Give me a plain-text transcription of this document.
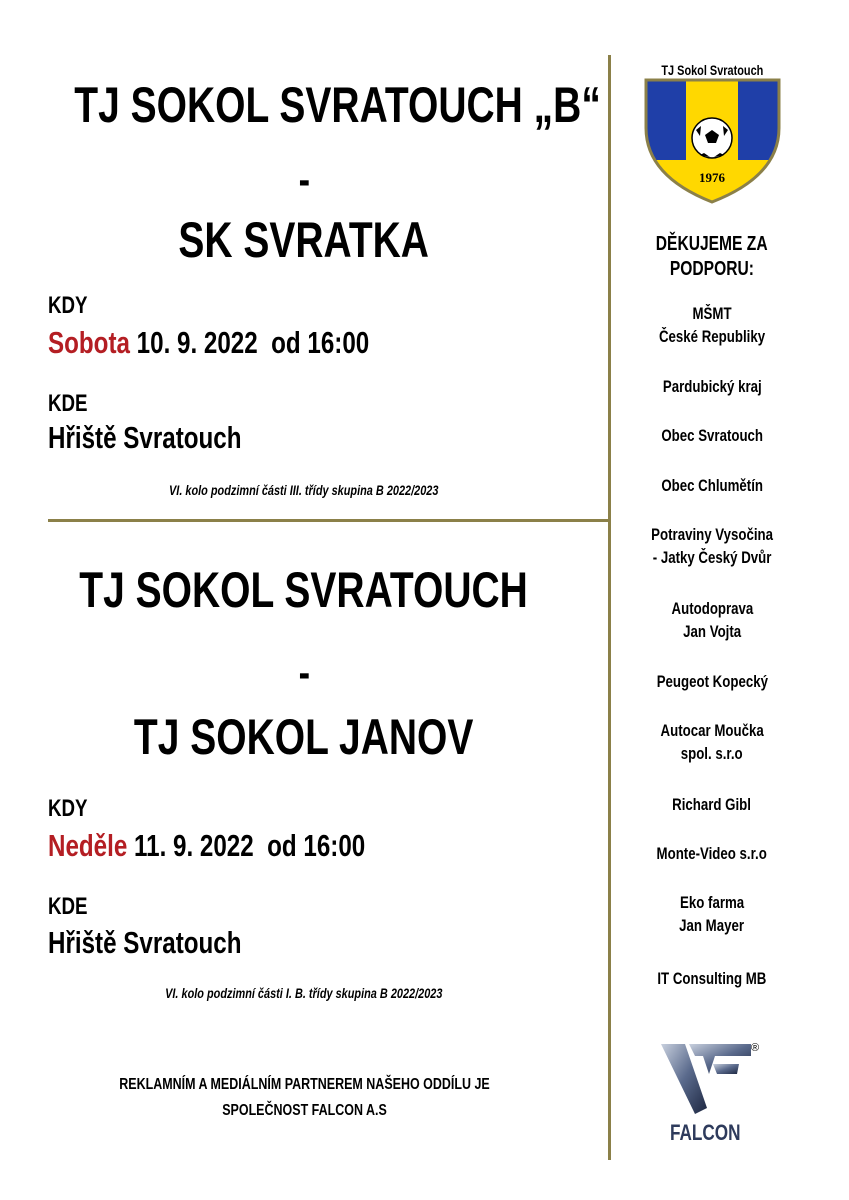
TJ SOKOL SVRATOUCH „B“
-
SK SVRATKA
KDY
Sobota 10. 9. 2022  od 16:00
KDE
Hřiště Svratouch
VI. kolo podzimní části III. třídy skupina B 2022/2023
TJ SOKOL SVRATOUCH
-
TJ SOKOL JANOV
KDY
Neděle 11. 9. 2022  od 16:00
KDE
Hřiště Svratouch
VI. kolo podzimní části I. B. třídy skupina B 2022/2023
REKLAMNÍM A MEDIÁLNÍM PARTNEREM NAŠEHO ODDÍLU JE
SPOLEČNOST FALCON A.S
1976
TJ Sokol Svratouch
DĚKUJEME ZA
PODPORU:
MŠMT
České Republiky
Pardubický kraj
Obec Svratouch
Obec Chlumětín
Potraviny Vysočina
- Jatky Český Dvůr
Autodoprava
Jan Vojta
Peugeot Kopecký
Autocar Moučka
spol. s.r.o
Richard Gibl
Monte-Video s.r.o
Eko farma
Jan Mayer
IT Consulting MB
®
FALCON
